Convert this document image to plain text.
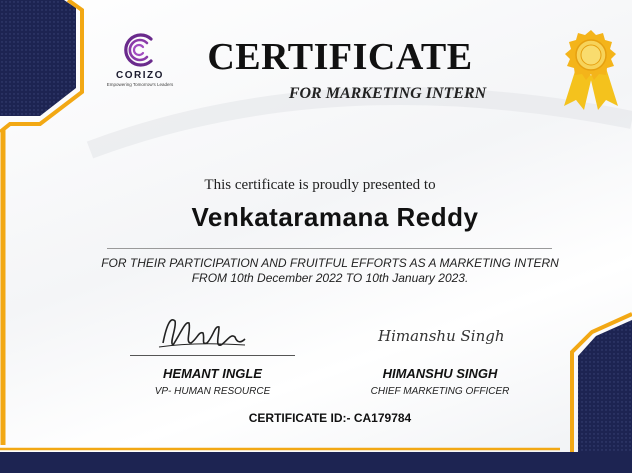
CORIZO
Empowering Tomorrow's Leaders
CERTIFICATE
FOR MARKETING INTERN
This certificate is proudly presented to
Venkataramana Reddy
FOR THEIR PARTICIPATION AND FRUITFUL EFFORTS AS A MARKETING INTERN FROM 10th December 2022 TO 10th January 2023.
HEMANT INGLE
VP- HUMAN RESOURCE
Himanshu Singh
HIMANSHU SINGH
CHIEF MARKETING OFFICER
CERTIFICATE ID:- CA179784
